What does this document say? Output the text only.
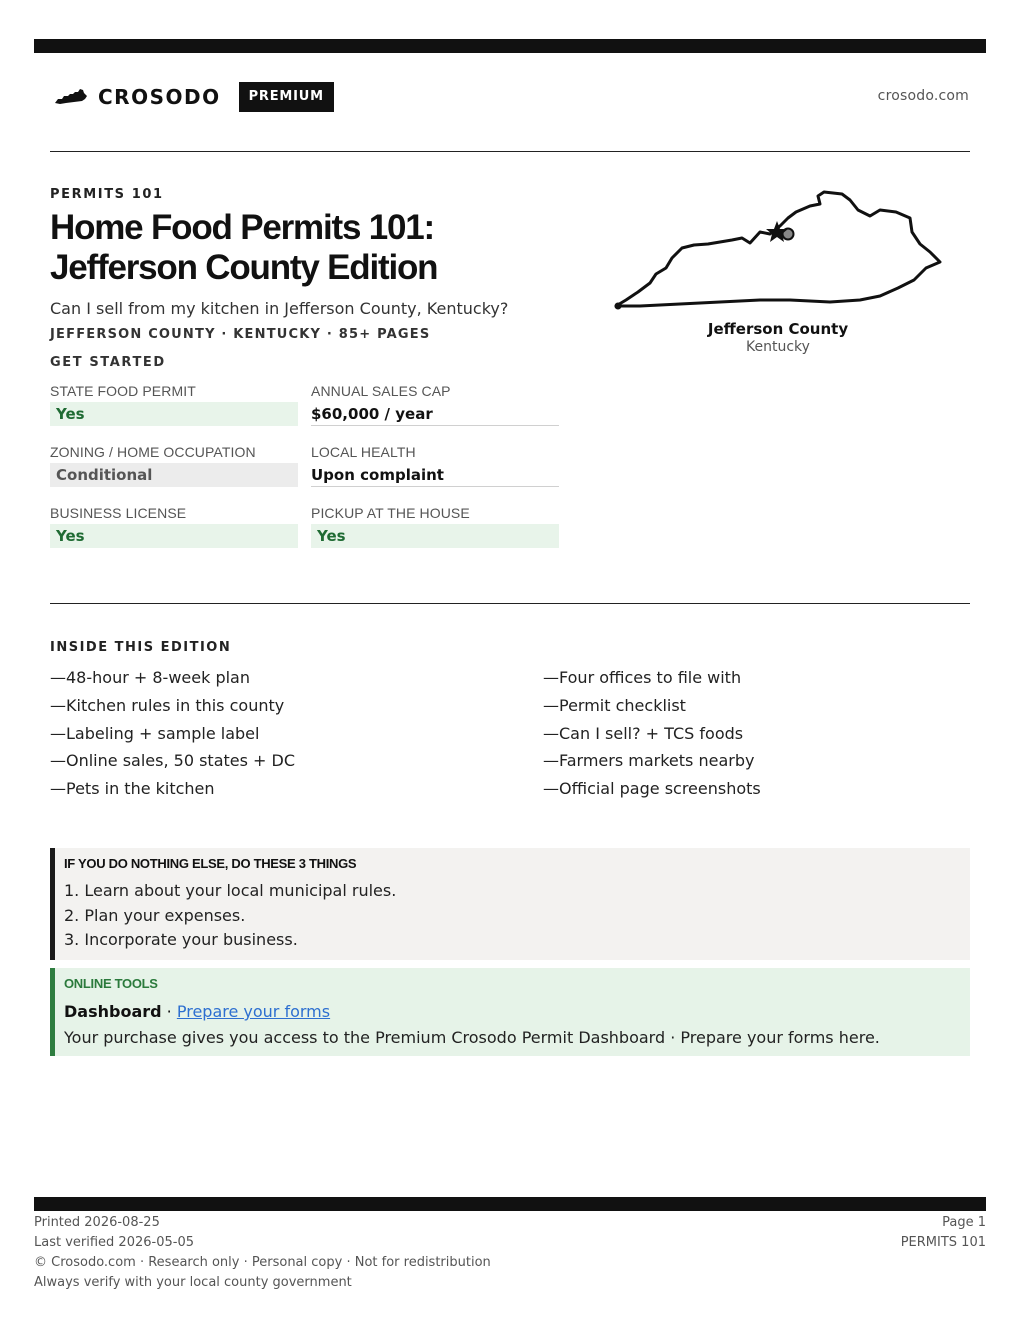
CROSODO	PREMIUM	crosodo.com
PERMITS 101
Home Food Permits 101:
Jefferson County Edition
Can I sell from my kitchen in Jefferson County, Kentucky?
JEFFERSON COUNTY · KENTUCKY · 85+ PAGES
GET STARTED
STATE FOOD PERMIT
Yes
ANNUAL SALES CAP
$60,000 / year
ZONING / HOME OCCUPATION
Conditional
LOCAL HEALTH
Upon complaint
BUSINESS LICENSE
Yes
PICKUP AT THE HOUSE
Yes
Jefferson County
Kentucky
INSIDE THIS EDITION
—48-hour + 8-week plan
—Kitchen rules in this county
—Labeling + sample label
—Online sales, 50 states + DC
—Pets in the kitchen
—Four offices to file with
—Permit checklist
—Can I sell? + TCS foods
—Farmers markets nearby
—Official page screenshots
IF YOU DO NOTHING ELSE, DO THESE 3 THINGS
1. Learn about your local municipal rules.
2. Plan your expenses.
3. Incorporate your business.
ONLINE TOOLS
Dashboard · Prepare your forms
Your purchase gives you access to the Premium Crosodo Permit Dashboard · Prepare your forms here.
Printed 2026-08-25
Last verified 2026-05-05
© Crosodo.com · Research only · Personal copy · Not for redistribution
Always verify with your local county government
Page 1
PERMITS 101
